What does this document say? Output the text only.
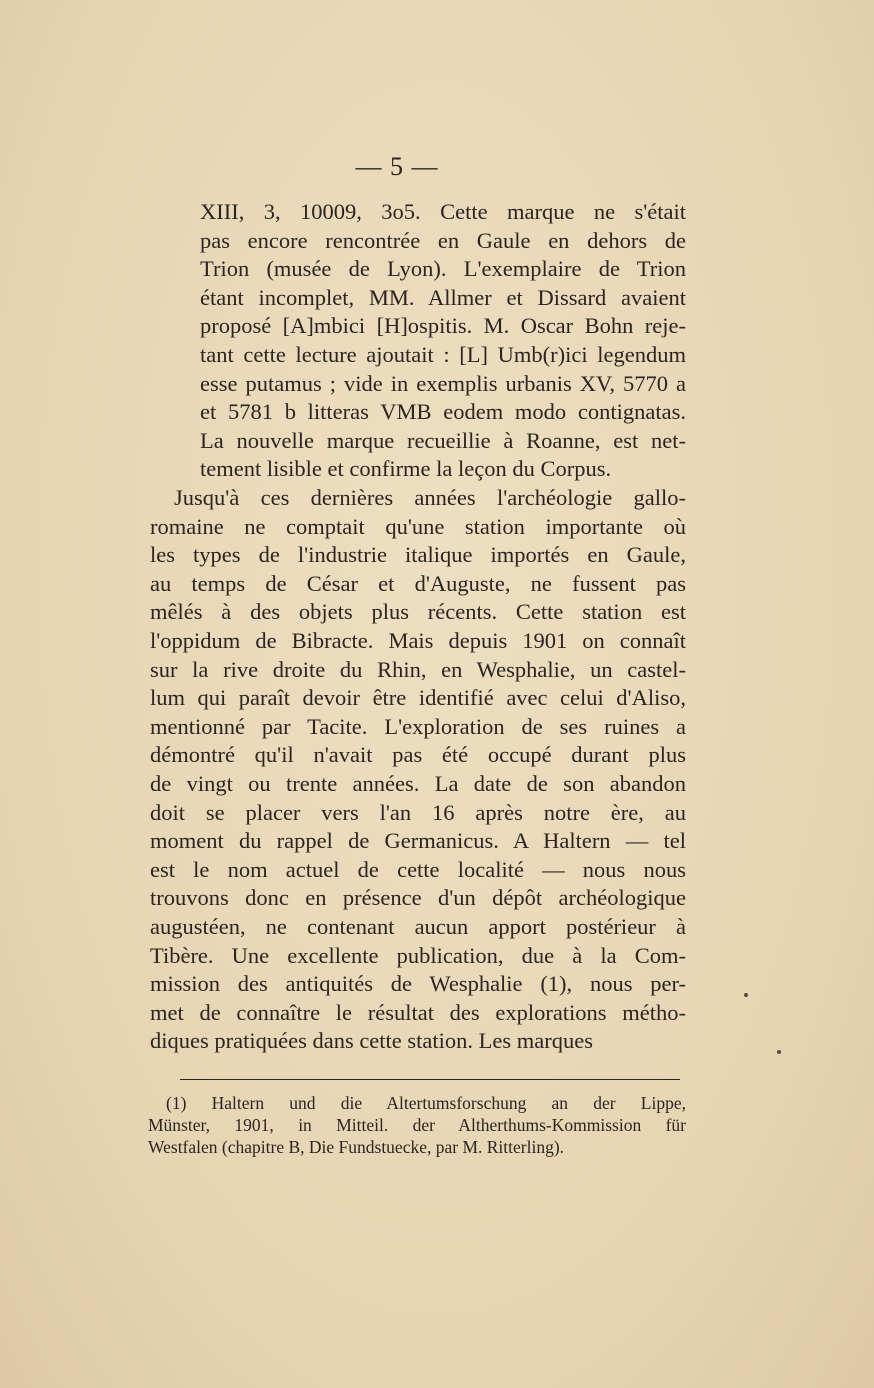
— 5 —
XIII, 3, 10009, 3o5. Cette marque ne s'était
pas encore rencontrée en Gaule en dehors de
Trion (musée de Lyon). L'exemplaire de Trion
étant incomplet, MM. Allmer et Dissard avaient
proposé [A]mbici [H]ospitis. M. Oscar Bohn reje-
tant cette lecture ajoutait : [L] Umb(r)ici legendum
esse putamus ; vide in exemplis urbanis XV, 5770 a
et 5781 b litteras VMB eodem modo contignatas.
La nouvelle marque recueillie à Roanne, est net-
tement lisible et confirme la leçon du Corpus.
Jusqu'à ces dernières années l'archéologie gallo-
romaine ne comptait qu'une station importante où
les types de l'industrie italique importés en Gaule,
au temps de César et d'Auguste, ne fussent pas
mêlés à des objets plus récents. Cette station est
l'oppidum de Bibracte. Mais depuis 1901 on connaît
sur la rive droite du Rhin, en Wesphalie, un castel-
lum qui paraît devoir être identifié avec celui d'Aliso,
mentionné par Tacite. L'exploration de ses ruines a
démontré qu'il n'avait pas été occupé durant plus
de vingt ou trente années. La date de son abandon
doit se placer vers l'an 16 après notre ère, au
moment du rappel de Germanicus. A Haltern — tel
est le nom actuel de cette localité — nous nous
trouvons donc en présence d'un dépôt archéologique
augustéen, ne contenant aucun apport postérieur à
Tibère. Une excellente publication, due à la Com-
mission des antiquités de Wesphalie (1), nous per-
met de connaître le résultat des explorations métho-
diques pratiquées dans cette station. Les marques
(1) Haltern und die Altertumsforschung an der Lippe,
Münster, 1901, in Mitteil. der Altherthums-Kommission für
Westfalen (chapitre B, Die Fundstuecke, par M. Ritterling).
